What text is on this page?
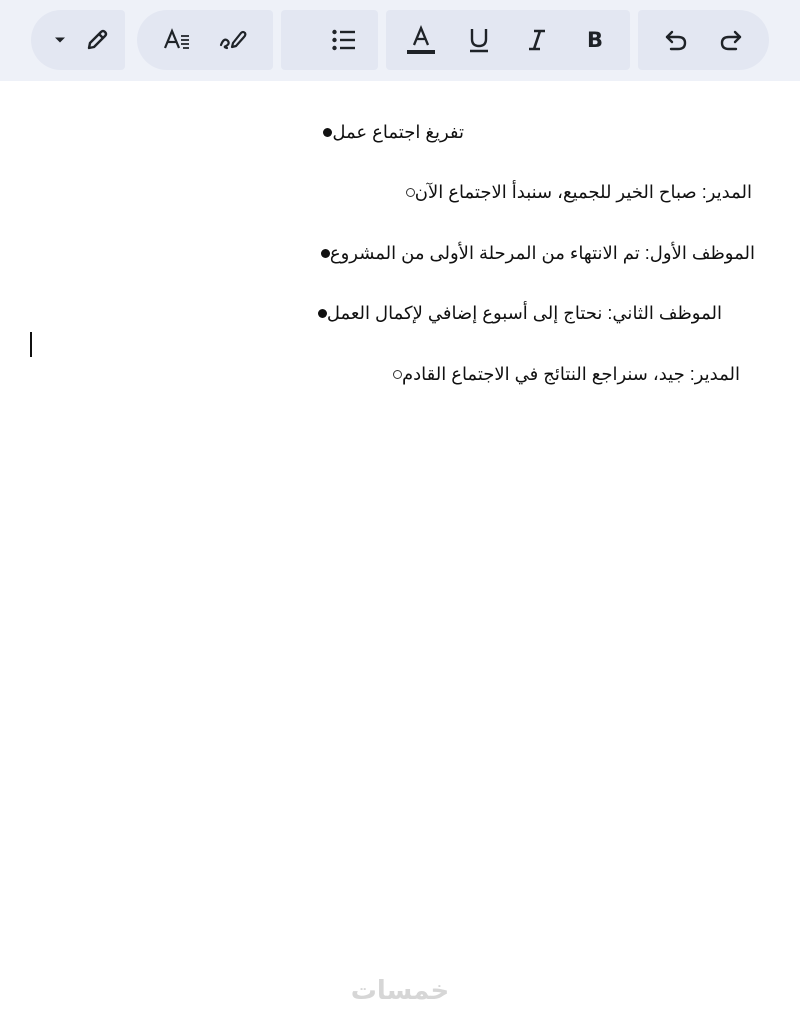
B
تفريغ اجتماع عمل
المدير: صباح الخير للجميع، سنبدأ الاجتماع الآن
الموظف الأول: تم الانتهاء من المرحلة الأولى من المشروع
الموظف الثاني: نحتاج إلى أسبوع إضافي لإكمال العمل
المدير: جيد، سنراجع النتائج في الاجتماع القادم
خمسات
